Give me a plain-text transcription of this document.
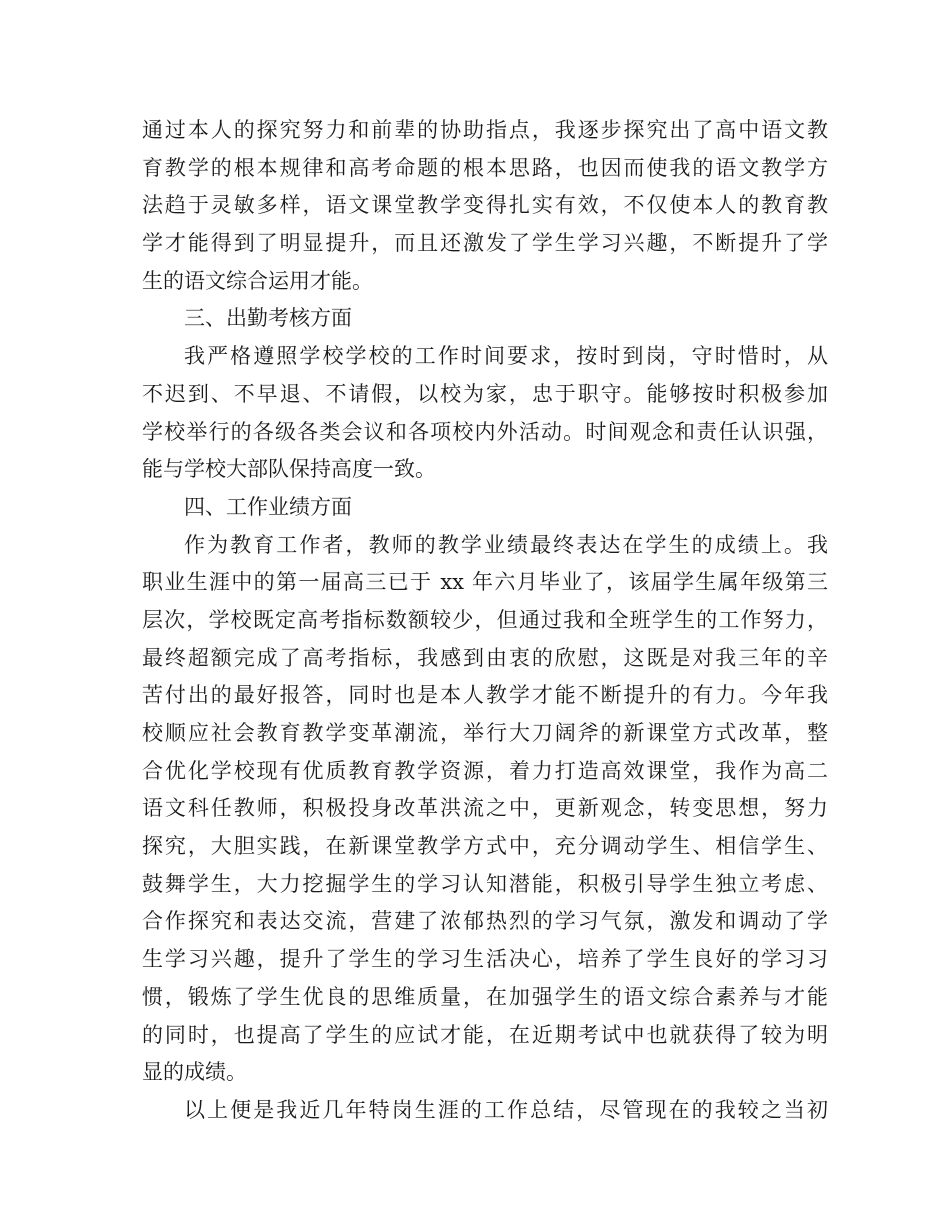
通过本人的探究努力和前辈的协助指点，我逐步探究出了高中语文教
育教学的根本规律和高考命题的根本思路，也因而使我的语文教学方
法趋于灵敏多样，语文课堂教学变得扎实有效，不仅使本人的教育教
学才能得到了明显提升，而且还激发了学生学习兴趣，不断提升了学
生的语文综合运用才能。
三、出勤考核方面
我严格遵照学校学校的工作时间要求，按时到岗，守时惜时，从
不迟到、不早退、不请假，以校为家，忠于职守。能够按时积极参加
学校举行的各级各类会议和各项校内外活动。时间观念和责任认识强，
能与学校大部队保持高度一致。
四、工作业绩方面
作为教育工作者，教师的教学业绩最终表达在学生的成绩上。我
职业生涯中的第一届高三已于 xx 年六月毕业了，该届学生属年级第三
层次，学校既定高考指标数额较少，但通过我和全班学生的工作努力，
最终超额完成了高考指标，我感到由衷的欣慰，这既是对我三年的辛
苦付出的最好报答，同时也是本人教学才能不断提升的有力。今年我
校顺应社会教育教学变革潮流，举行大刀阔斧的新课堂方式改革，整
合优化学校现有优质教育教学资源，着力打造高效课堂，我作为高二
语文科任教师，积极投身改革洪流之中，更新观念，转变思想，努力
探究，大胆实践，在新课堂教学方式中，充分调动学生、相信学生、
鼓舞学生，大力挖掘学生的学习认知潜能，积极引导学生独立考虑、
合作探究和表达交流，营建了浓郁热烈的学习气氛，激发和调动了学
生学习兴趣，提升了学生的学习生活决心，培养了学生良好的学习习
惯，锻炼了学生优良的思维质量，在加强学生的语文综合素养与才能
的同时，也提高了学生的应试才能，在近期考试中也就获得了较为明
显的成绩。
以上便是我近几年特岗生涯的工作总结，尽管现在的我较之当初
